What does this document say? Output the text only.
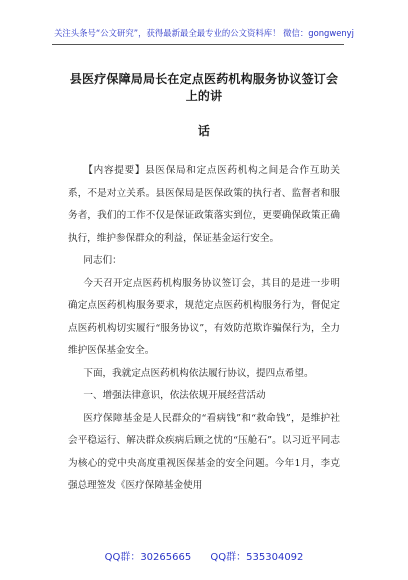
关注头条号“公文研究”，获得最新最全最专业的公文资料库！ 微信：gongwenyj
县医疗保障局局长在定点医药机构服务协议签订会上的讲
话

【内容提要】县医保局和定点医药机构之间是合作互助关系，不是对立关系。县医保局是医保政策的执行者、监督者和服务者，我们的工作不仅是保证政策落实到位，更要确保政策正确执行，维护参保群众的利益，保证基金运行安全。

同志们：

今天召开定点医药机构服务协议签订会，其目的是进一步明确定点医药机构服务要求，规范定点医药机构服务行为，督促定点医药机构切实履行“服务协议”，有效防范欺诈骗保行为，全力维护医保基金安全。

下面，我就定点医药机构依法履行协议，提四点希望。

一、增强法律意识，依法依规开展经营活动

医疗保障基金是人民群众的“看病钱”和“救命钱”，是维护社会平稳运行、解决群众疾病后顾之忧的“压舱石”。以习近平同志为核心的党中央高度重视医保基金的安全问题。今年1月，李克强总理签发《医疗保障基金使用

QQ群：30265665 QQ群：535304092
